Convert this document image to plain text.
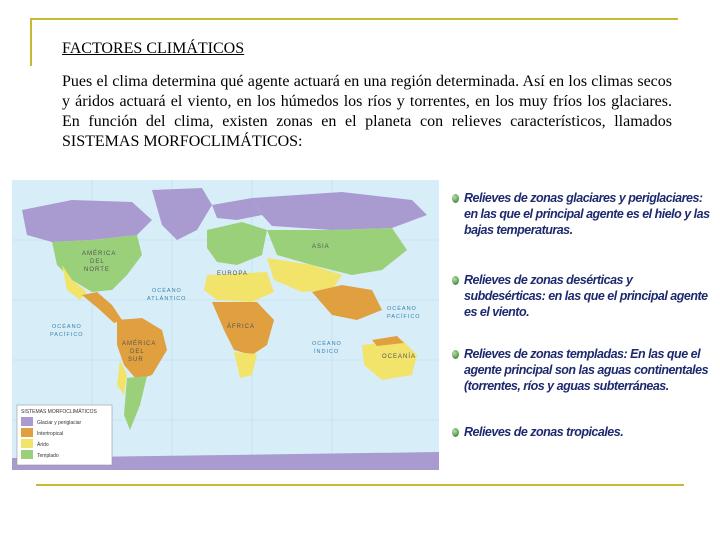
FACTORES CLIMÁTICOS
Pues el clima determina qué agente actuará en una región determinada. Así en los climas secos y áridos actuará el viento, en los húmedos los ríos y torrentes, en los muy fríos los glaciares. En función del clima, existen zonas en el planeta con relieves característicos, llamados SISTEMAS MORFOCLIMÁTICOS:
AMÉRICA
DEL
NORTE
EUROPA
ASIA
ÁFRICA
AMÉRICA
DEL
SUR	OCEANÍA
OCÉANO
ATLÁNTICO
OCÉANO
PACÍFICO
OCÉANO
PACÍFICO
OCÉANO
ÍNDICO
SISTEMAS MORFOCLIMÁTICOS
Glaciar y periglaciar
Intertropical
Árido
Templado
Relieves de zonas glaciares y periglaciares: en las que el principal agente es el hielo y las bajas temperaturas.
Relieves de zonas desérticas y subdesérticas: en las que el principal agente es el viento.
Relieves de zonas templadas: En las que el agente principal son las aguas continentales (torrentes, ríos y aguas subterráneas.
Relieves de zonas tropicales.
